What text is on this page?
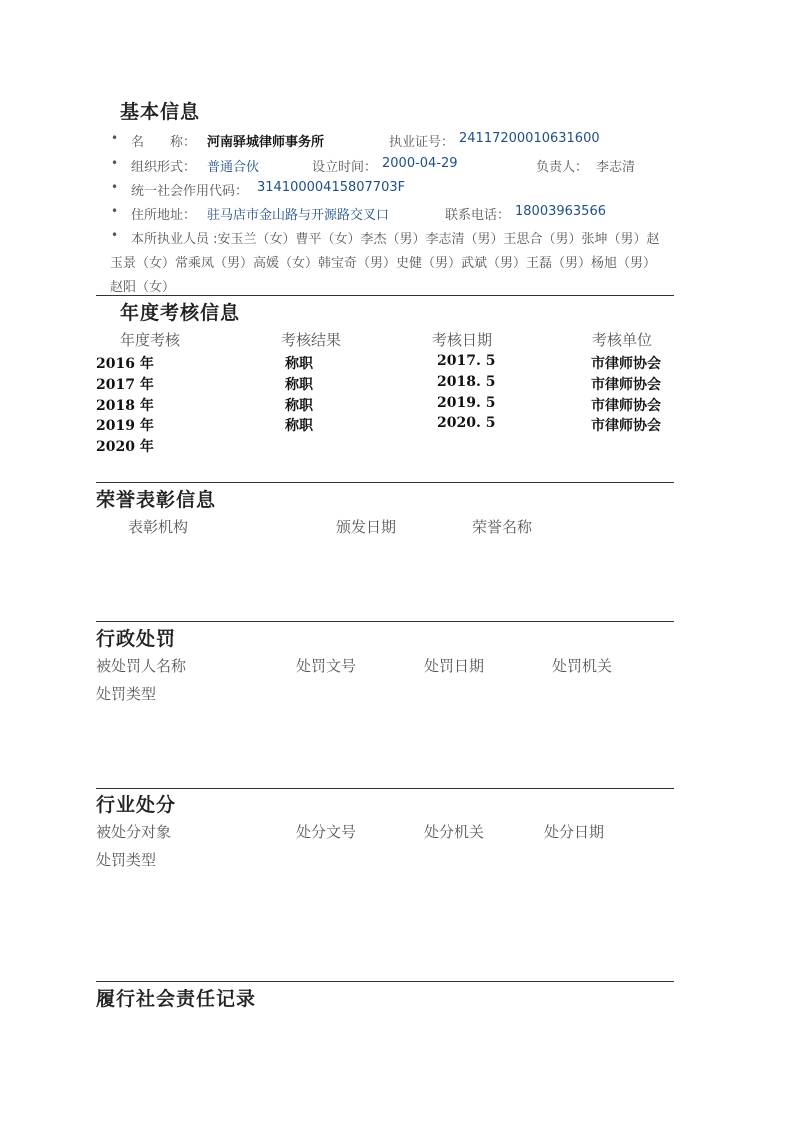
基本信息
• 名　　称： 河南驿城律师事务所	执业证号： 24117200010631600
• 组织形式： 普通合伙	设立时间： 2000-04-29	负责人： 李志清
• 统一社会作用代码： 31410000415807703F
• 住所地址： 驻马店市金山路与开源路交叉口	联系电话： 18003963566
• 本所执业人员 :安玉兰（女）曹平（女）李杰（男）李志清（男）王思合（男）张坤（男）赵
玉景（女）常乘凤（男）高媛（女）韩宝奇（男）史健（男）武斌（男）王磊（男）杨旭（男）
赵阳（女）
年度考核信息
年度考核	考核结果	考核日期	考核单位
2016 年	称职	2017. 5	市律师协会
2017 年	称职	2018. 5	市律师协会
2018 年	称职	2019. 5	市律师协会
2019 年	称职	2020. 5	市律师协会
2020 年
荣誉表彰信息
表彰机构	颁发日期	荣誉名称
行政处罚
被处罚人名称	处罚文号	处罚日期	处罚机关
处罚类型
行业处分
被处分对象	处分文号	处分机关	处分日期
处罚类型
履行社会责任记录
